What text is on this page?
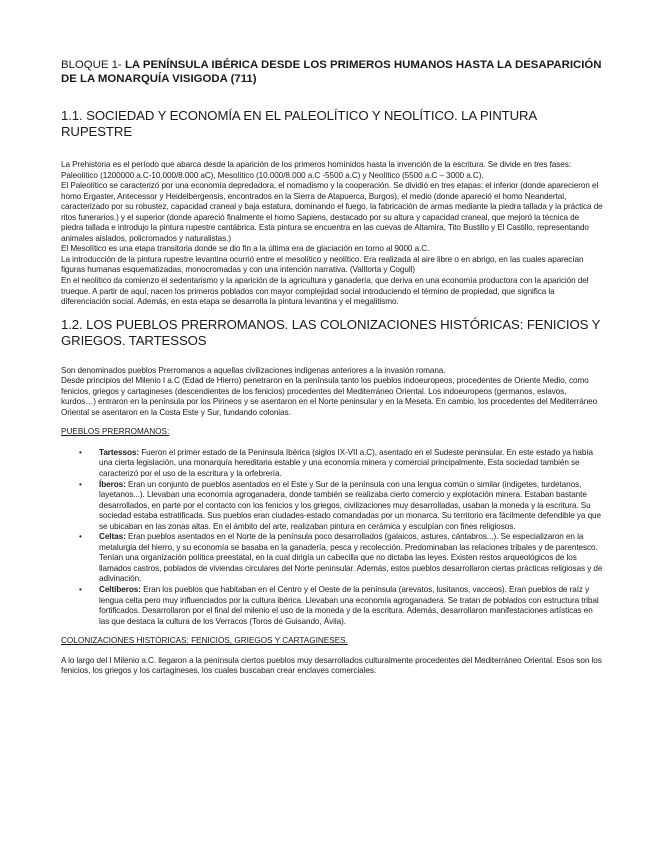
BLOQUE 1- LA PENÍNSULA IBÉRICA DESDE LOS PRIMEROS HUMANOS HASTA LA DESAPARICIÓN DE LA MONARQUÍA VISIGODA (711)
1.1. SOCIEDAD Y ECONOMÍA EN EL PALEOLÍTICO Y NEOLÍTICO. LA PINTURA RUPESTRE

La Prehistoria es el período que abarca desde la aparición de los primeros homínidos hasta la invención de la escritura. Se divide en tres fases: Paleolítico (1200000 a.C-10.000/8.000 aC), Mesolítico (10.000/8.000 a.C -5500 a.C) y Neolítico (5500 a.C – 3000 a.C).

El Paleolítico se caracterizó por una economía depredadora, el nomadismo y la cooperación. Se dividió en tres etapas: el inferior (donde aparecieron el homo Ergaster, Antecessor y Heidelbergensis, encontrados en la Sierra de Atapuerca, Burgos), el medio (donde apareció el homo Neandertal, caracterizado por su robustez, capacidad craneal y baja estatura, dominando el fuego, la fabricación de armas mediante la piedra tallada y la práctica de ritos funerarios.) y el superior (donde apareció finalmente el homo Sapiens, destacado por su altura y capacidad craneal, que mejoró la técnica de piedra tallada e introdujo la pintura rupestre cantábrica. Esta pintura se encuentra en las cuevas de Altamira, Tito Bustillo y El Castillo, representando animales aislados, policromados y naturalistas.)

El Mesolítico es una etapa transitoria donde se dio fin a la última era de glaciación en torno al 9000 a.C.

La introducción de la pintura rupestre levantina ocurrió entre el mesolítico y neolítico. Era realizada al aire libre o en abrigo, en las cuales aparecían figuras humanas esquematizadas, monocromadas y con una intención narrativa. (Valltorta y Cogull)

En el neolítico da comienzo el sedentarismo y la aparición de la agricultura y ganadería, que deriva en una economía productora con la aparición del trueque. A partir de aquí, nacen los primeros poblados con mayor complejidad social introduciendo el término de propiedad, que significa la diferenciación social. Además, en esta etapa se desarrolla la pintura levantina y el megalitismo.

1.2. LOS PUEBLOS PRERROMANOS. LAS COLONIZACIONES HISTÓRICAS: FENICIOS Y GRIEGOS. TARTESSOS

Son denominados pueblos Prerromanos a aquellas civilizaciones indígenas anteriores a la invasión romana.

Desde principios del Milenio I a.C (Edad de Hierro) penetraron en la península tanto los pueblos indoeuropeos, procedentes de Oriente Medio, como fenicios, griegos y cartagineses (descendientes de los fenicios) procedentes del Mediterráneo Oriental. Los indoeuropeos (germanos, eslavos, kurdos…) entraron en la península por los Pirineos y se asentaron en el Norte peninsular y en la Meseta. En cambio, los procedentes del Mediterráneo Oriental se asentaron en la Costa Este y Sur, fundando colonias.

PUEBLOS PRERROMANOS:
• Tartessos: Fueron el primer estado de la Península Ibérica (siglos IX-VII a.C), asentado en el Sudeste peninsular. En este estado ya había una cierta legislación, una monarquía hereditaria estable y una economía minera y comercial principalmente. Esta sociedad también se caracterizó por el uso de la escritura y la orfebrería.
• Íberos: Eran un conjunto de pueblos asentados en el Este y Sur de la península con una lengua común o similar (indigetes, turdetanos, layetanos...). Llevaban una economía agroganadera, donde también se realizaba cierto comercio y explotación minera. Estaban bastante desarrollados, en parte por el contacto con los fenicios y los griegos, civilizaciones muy desarrolladas, usaban la moneda y la escritura. Su sociedad estaba estratificada. Sus pueblos eran ciudades-estado comandadas por un monarca. Su territorio era fácilmente defendible ya que se ubicaban en las zonas altas. En el ámbito del arte, realizaban pintura en cerámica y esculpían con fines religiosos.
• Celtas: Eran pueblos asentados en el Norte de la península poco desarrollados (galaicos, astures, cántabros...). Se especializaron en la metalurgia del hierro, y su economía se basaba en la ganadería, pesca y recolección. Predominaban las relaciones tribales y de parentesco. Tenían una organización política preestatal, en la cual dirigía un cabecilla que no dictaba las leyes. Existen restos arqueológicos de los llamados castros, poblados de viviendas circulares del Norte peninsular. Además, estos pueblos desarrollaron ciertas prácticas religiosas y de adivinación.
• Celtíberos: Eran los pueblos que habitaban en el Centro y el Oeste de la península (arevatos, lusitanos, vacceos). Eran pueblos de raíz y lengua celta pero muy influenciados por la cultura ibérica. Llevaban una economía agroganadera. Se tratan de poblados con estructura tribal fortificados. Desarrollaron por el final del milenio el uso de la moneda y de la escritura. Además, desarrollaron manifestaciones artísticas en las que destaca la cultura de los Verracos (Toros de Guisando, Ávila).
COLONIZACIONES HISTÓRICAS: FENICIOS, GRIEGOS Y CARTAGINESES.

A lo largo del I Milenio a.C. llegaron a la península ciertos pueblos muy desarrollados culturalmente procedentes del Mediterráneo Oriental. Esos son los fenicios, los griegos y los cartagineses, los cuales buscaban crear enclaves comerciales.
